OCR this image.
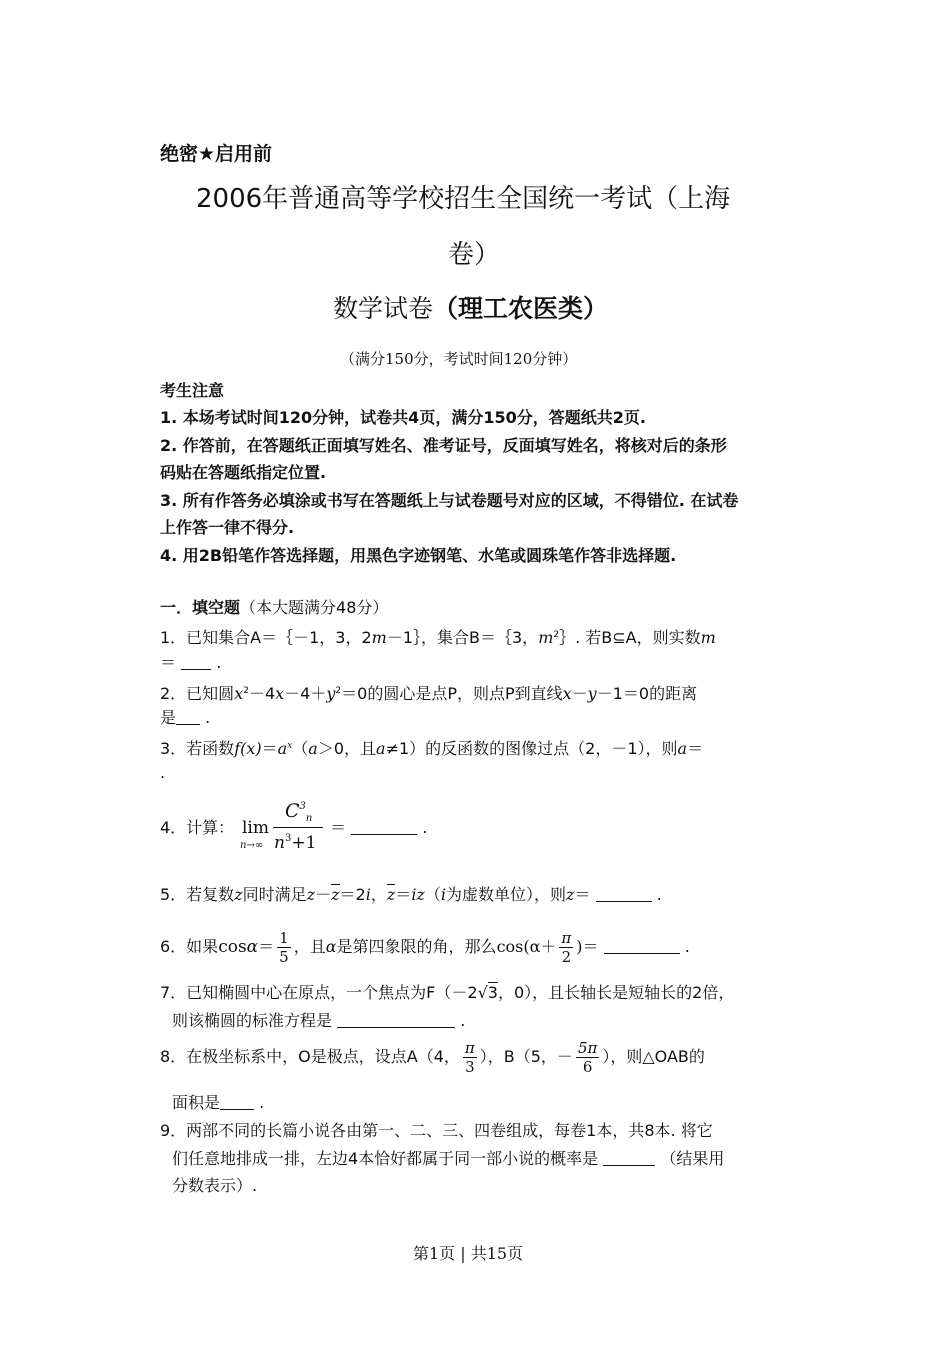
绝密★启用前
2006年普通高等学校招生全国统一考试（上海
卷）
数学试卷（理工农医类）
（满分150分，考试时间120分钟）
考生注意
1. 本场考试时间120分钟，试卷共4页，满分150分，答题纸共2页.
2. 作答前，在答题纸正面填写姓名、准考证号，反面填写姓名，将核对后的条形
码贴在答题纸指定位置.
3. 所有作答务必填涂或书写在答题纸上与试卷题号对应的区域，不得错位. 在试卷
上作答一律不得分.
4. 用2B铅笔作答选择题，用黑色字迹钢笔、水笔或圆珠笔作答非选择题.
一．填空题（本大题满分48分）
1．已知集合A＝｛－1，3，2m－1｝，集合B＝｛3，$m^2\}$. 若B⊆A，则实数m
＝	.
2．已知圆$x^2-4x-4+y^2=0$的圆心是点P，则点P到直线x－y－1＝0的距离
是 .
3．若函数$f(x)=a^x(a>0$，且a≠1）的反函数的图像过点（2，－1），则a＝
.
4．计算： lim
n→∞
$C^3_n$
$n^3+1$
＝	.
5．若复数z同时满足z－z＝2i，z＝iz（i为虚数单位），则z＝	.
6．如果$\cos\alpha= \frac{1}{5}$ ，且α是第四象限的角，那么$\cos(\alpha+ \frac{\pi}{2}$ )＝	.
7．已知椭圆中心在原点，一个焦点为F（－2√3，0），且长轴长是短轴长的2倍，
则该椭圆的标准方程是	.
8．在极坐标系中，O是极点，设点A（4， $\frac{\pi}{3}$ ），B（5，－ $\frac{5\pi}{6}$ ），则△OAB的
面积是 .
9．两部不同的长篇小说各由第一、二、三、四卷组成，每卷1本，共8本. 将它
们任意地排成一排，左边4本恰好都属于同一部小说的概率是	（结果用
分数表示）.
第1页 | 共15页
